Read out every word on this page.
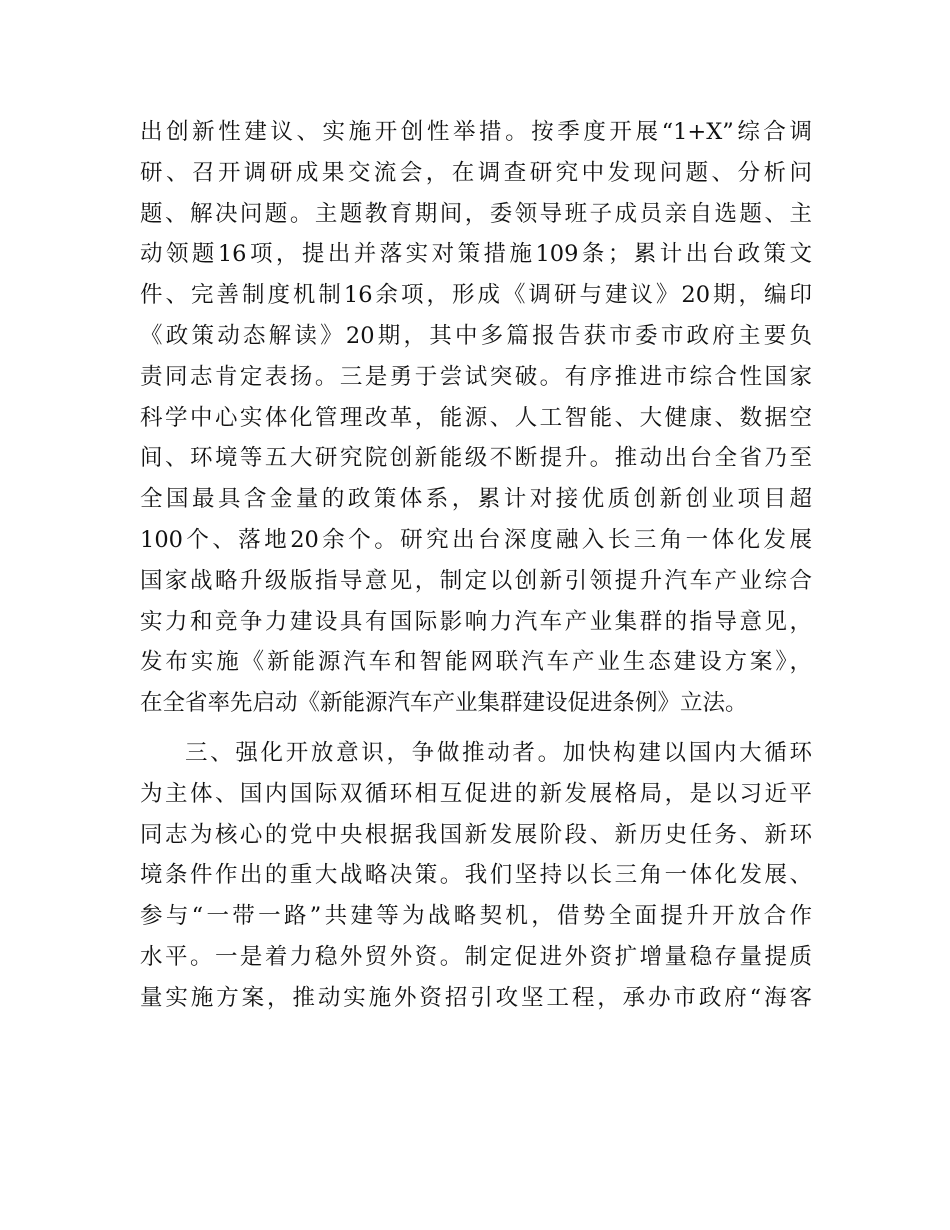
出创新性建议、实施开创性举措。按季度开展“1+X”综合调
研、召开调研成果交流会，在调查研究中发现问题、分析问
题、解决问题。主题教育期间，委领导班子成员亲自选题、主
动领题16项，提出并落实对策措施109条；累计出台政策文
件、完善制度机制16余项，形成《调研与建议》20期，编印
《政策动态解读》20期，其中多篇报告获市委市政府主要负
责同志肯定表扬。三是勇于尝试突破。有序推进市综合性国家
科学中心实体化管理改革，能源、人工智能、大健康、数据空
间、环境等五大研究院创新能级不断提升。推动出台全省乃至
全国最具含金量的政策体系，累计对接优质创新创业项目超
100个、落地20余个。研究出台深度融入长三角一体化发展
国家战略升级版指导意见，制定以创新引领提升汽车产业综合
实力和竞争力建设具有国际影响力汽车产业集群的指导意见，
发布实施《新能源汽车和智能网联汽车产业生态建设方案》，
在全省率先启动《新能源汽车产业集群建设促进条例》立法。

三、强化开放意识，争做推动者。加快构建以国内大循环
为主体、国内国际双循环相互促进的新发展格局，是以习近平
同志为核心的党中央根据我国新发展阶段、新历史任务、新环
境条件作出的重大战略决策。我们坚持以长三角一体化发展、
参与“一带一路”共建等为战略契机，借势全面提升开放合作
水平。一是着力稳外贸外资。制定促进外资扩增量稳存量提质
量实施方案，推动实施外资招引攻坚工程，承办市政府“海客
